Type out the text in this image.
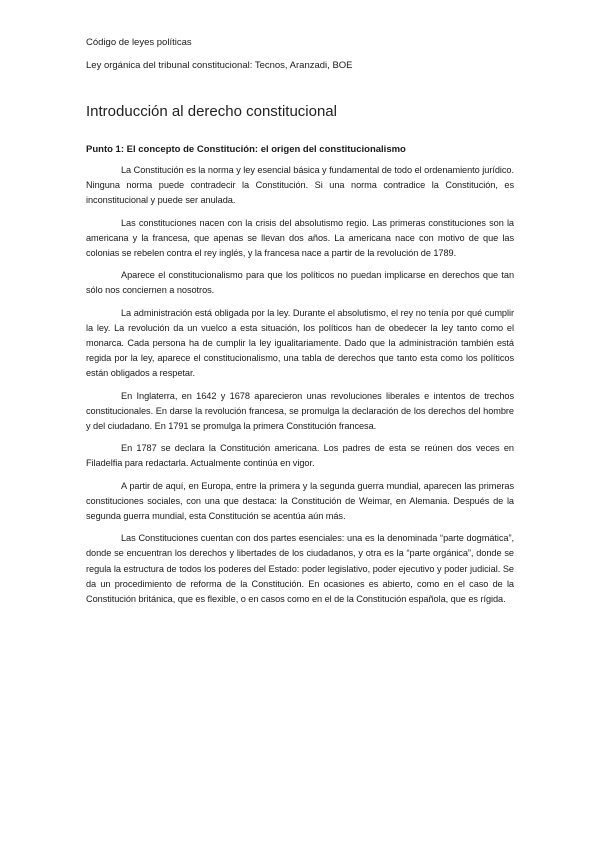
Código de leyes políticas
Ley orgánica del tribunal constitucional: Tecnos, Aranzadi, BOE
Introducción al derecho constitucional
Punto 1: El concepto de Constitución: el origen del constitucionalismo

La Constitución es la norma y ley esencial básica y fundamental de todo el ordenamiento jurídico. Ninguna norma puede contradecir la Constitución. Si una norma contradice la Constitución, es inconstitucional y puede ser anulada.

Las constituciones nacen con la crisis del absolutismo regio. Las primeras constituciones son la americana y la francesa, que apenas se llevan dos años. La americana nace con motivo de que las colonias se rebelen contra el rey inglés, y la francesa nace a partir de la revolución de 1789.

Aparece el constitucionalismo para que los políticos no puedan implicarse en derechos que tan sólo nos conciernen a nosotros.

La administración está obligada por la ley. Durante el absolutismo, el rey no tenía por qué cumplir la ley. La revolución da un vuelco a esta situación, los políticos han de obedecer la ley tanto como el monarca. Cada persona ha de cumplir la ley igualitariamente. Dado que la administración también está regida por la ley, aparece el constitucionalismo, una tabla de derechos que tanto esta como los políticos están obligados a respetar.

En Inglaterra, en 1642 y 1678 aparecieron unas revoluciones liberales e intentos de trechos constitucionales. En darse la revolución francesa, se promulga la declaración de los derechos del hombre y del ciudadano. En 1791 se promulga la primera Constitución francesa.

En 1787 se declara la Constitución americana. Los padres de esta se reúnen dos veces en Filadelfia para redactarla. Actualmente continúa en vigor.

A partir de aquí, en Europa, entre la primera y la segunda guerra mundial, aparecen las primeras constituciones sociales, con una que destaca: la Constitución de Weimar, en Alemania. Después de la segunda guerra mundial, esta Constitución se acentúa aún más.

Las Constituciones cuentan con dos partes esenciales: una es la denominada “parte dogmática”, donde se encuentran los derechos y libertades de los ciudadanos, y otra es la “parte orgánica”, donde se regula la estructura de todos los poderes del Estado: poder legislativo, poder ejecutivo y poder judicial. Se da un procedimiento de reforma de la Constitución. En ocasiones es abierto, como en el caso de la Constitución británica, que es flexible, o en casos como en el de la Constitución española, que es rígida.
